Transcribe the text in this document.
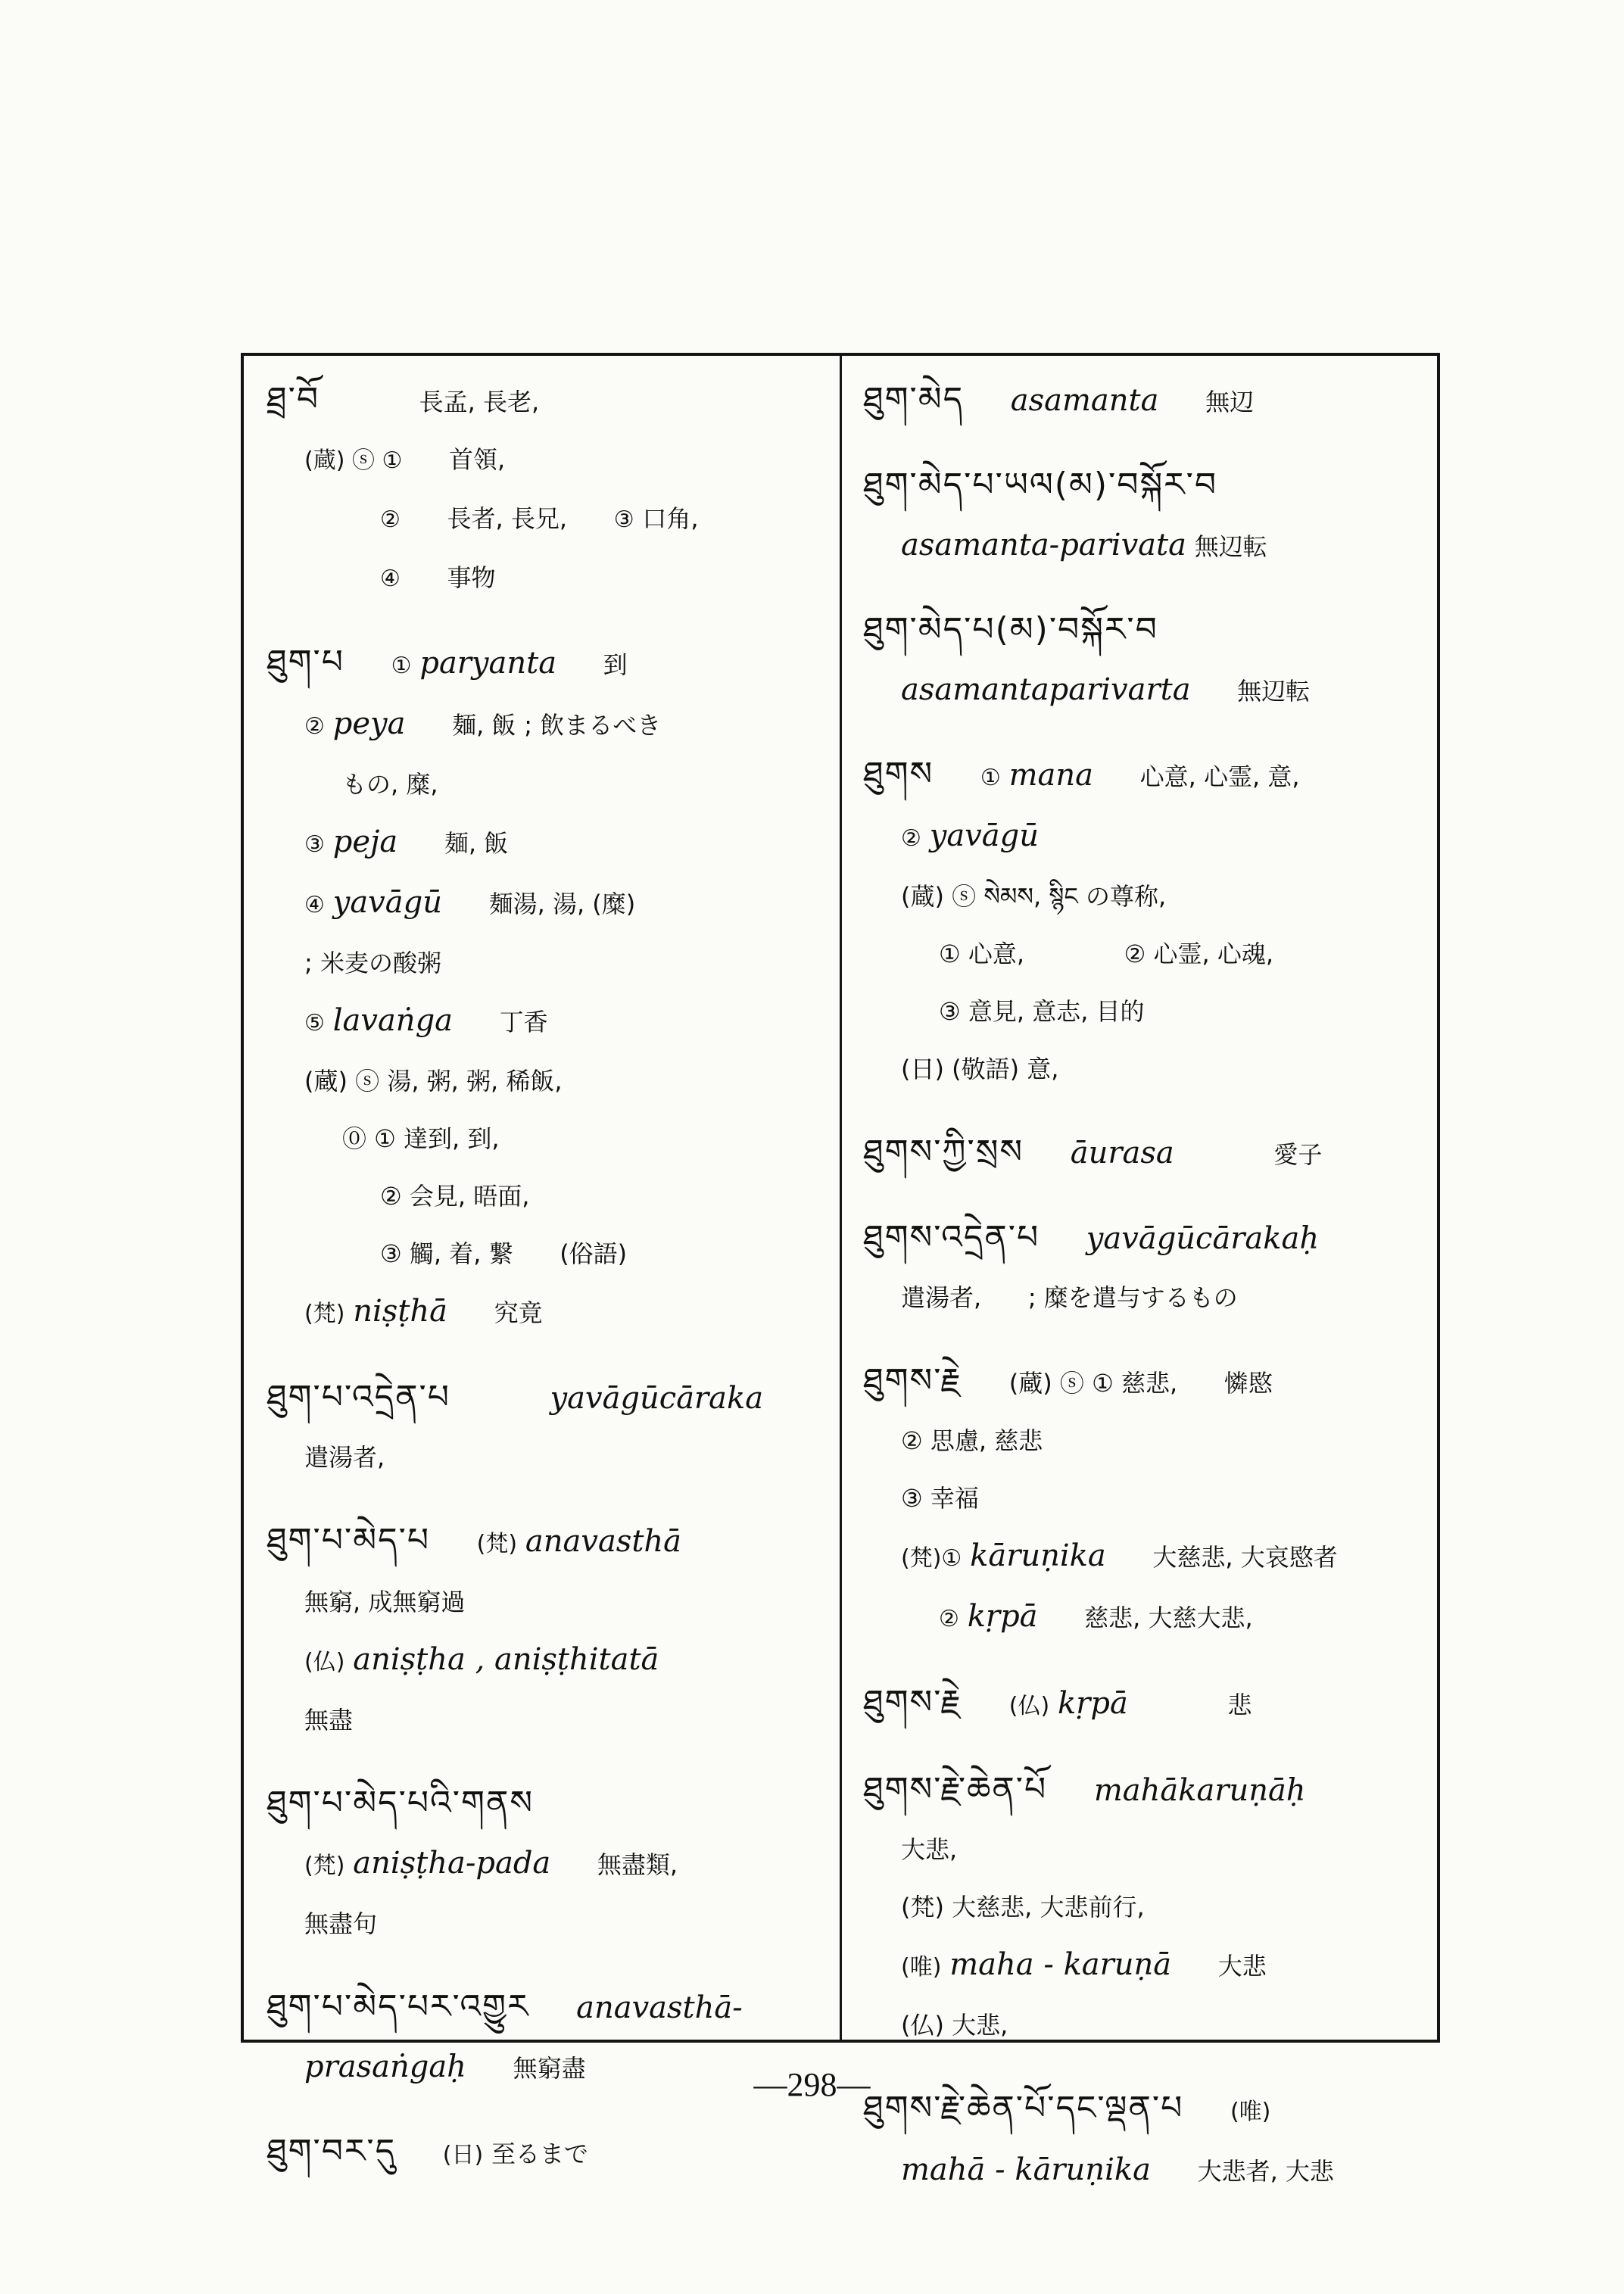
ཐྲ་བོ	長孟, 長老,
(蔵) ⓢ ① 首領,
② 長者, 長兄, ③ 口角,
④ 事物
ཐུག་པ ① paryanta 到
② peya 麺, 飯 ; 飲まるべき
もの, 糜,
③ peja 麺, 飯
④ yavāgū 麺湯, 湯, (糜)
; 米麦の酸粥
⑤ lavaṅga 丁香
(蔵) ⓢ 湯, 粥, 粥, 稀飯,
⓪ ① 達到, 到,
② 会見, 晤面,
③ 觸, 着, 繋 (俗語)
(梵) niṣṭhā 究竟
ཐུག་པ་འདྲེན་པ	yavāgūcāraka
遣湯者,
ཐུག་པ་མེད་པ (梵) anavasthā
無窮, 成無窮過
(仏) aniṣṭha , aniṣṭhitatā
無盡
ཐུག་པ་མེད་པའི་གནས
(梵) aniṣṭha-pada 無盡類,
無盡句
ཐུག་པ་མེད་པར་འགྱུར anavasthā-
prasaṅgaḥ 無窮盡
ཐུག་བར་དུ (日) 至るまで
ཐུག་མེད asamanta 無辺
ཐུག་མེད་པ་ཡལ(མ)་བསྐོར་བ
asamanta-parivata 無辺転
ཐུག་མེད་པ(མ)་བསྐོར་བ
asamantaparivarta 無辺転
ཐུགས ① mana 心意, 心霊, 意,
② yavāgū
(蔵) ⓢ སེམས, སྙིང の尊称,
① 心意,	② 心霊, 心魂,
③ 意見, 意志, 目的
(日) (敬語) 意,
ཐུགས་ཀྱི་སྲས āurasa	愛子
ཐུགས་འདྲེན་པ yavāgūcārakaḥ
遣湯者, ; 糜を遣与するもの
ཐུགས་རྗེ (蔵) ⓢ ① 慈悲, 憐愍
② 思慮, 慈悲
③ 幸福
(梵)① kāruṇika 大慈悲, 大哀愍者
② kṛpā 慈悲, 大慈大悲,
ཐུགས་རྗེ (仏) kṛpā	悲
ཐུགས་རྗེ་ཆེན་པོ mahākaruṇāḥ
大悲,
(梵) 大慈悲, 大悲前行,
(唯) maha - karuṇā 大悲
(仏) 大悲,
ཐུགས་རྗེ་ཆེན་པོ་དང་ལྡན་པ (唯)
mahā - kāruṇika 大悲者, 大悲
—298—
